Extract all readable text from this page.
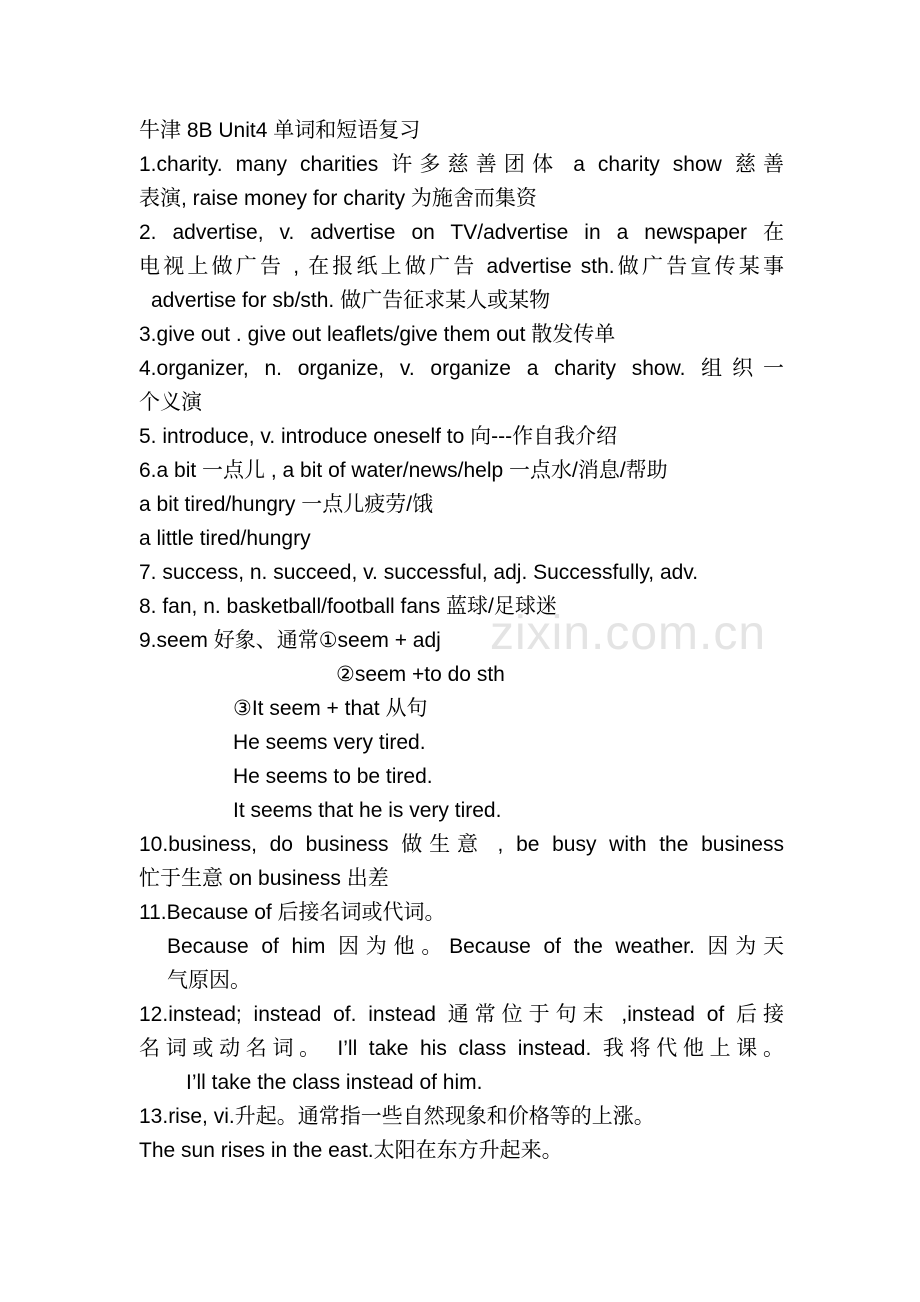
zixin.com.cn
牛津 8B Unit4 单词和短语复习
1.charity. many charities 许多慈善团体 a charity show 慈善
表演, raise money for charity 为施舍而集资
2. advertise, v. advertise on TV/advertise in a newspaper 在
电视上做广告 , 在报纸上做广告 advertise sth.做广告宣传某事
advertise for sb/sth. 做广告征求某人或某物
3.give out . give out leaflets/give them out 散发传单
4.organizer, n. organize, v. organize a charity show. 组织一
个义演
5. introduce, v. introduce oneself to 向---作自我介绍
6.a bit 一点儿 , a bit of water/news/help 一点水/消息/帮助
a bit tired/hungry 一点儿疲劳/饿
a little tired/hungry
7. success, n. succeed, v. successful, adj. Successfully, adv.
8. fan, n. basketball/football fans 蓝球/足球迷
9.seem 好象、通常①seem + adj
②seem +to do sth
③It seem + that 从句
He seems very tired.
He seems to be tired.
It seems that he is very tired.
10.business, do business 做生意 , be busy with the business
忙于生意 on business 出差
11.Because of 后接名词或代词。
Because of him 因为他。Because of the weather. 因为天
气原因。
12.instead; instead of. instead 通常位于句末 ,instead of 后接
名词或动名词。 I’ll take his class instead. 我将代他上课。
I’ll take the class instead of him.
13.rise, vi.升起。通常指一些自然现象和价格等的上涨。
The sun rises in the east.太阳在东方升起来。
